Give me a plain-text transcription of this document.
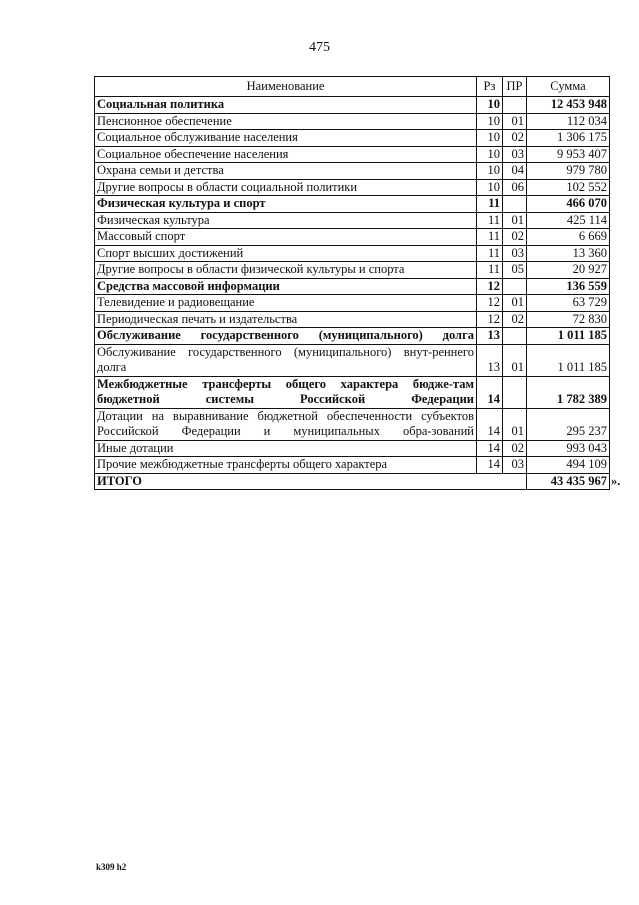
475
Наименование	Рз	ПР	Сумма
Социальная политика	10		12 453 948
Пенсионное обеспечение	10	01	112 034
Социальное обслуживание населения	10	02	1 306 175
Социальное обеспечение населения	10	03	9 953 407
Охрана семьи и детства	10	04	979 780
Другие вопросы в области социальной политики	10	06	102 552
Физическая культура и спорт	11		466 070
Физическая культура	11	01	425 114
Массовый спорт	11	02	6 669
Спорт высших достижений	11	03	13 360
Другие вопросы в области физической культуры и спорта	11	05	20 927
Средства массовой информации	12		136 559
Телевидение и радиовещание	12	01	63 729
Периодическая печать и издательства	12	02	72 830
Обслуживание государственного (муниципального) долга	13		1 011 185
Обслуживание государственного (муниципального) внут-реннего долга	13	01	1 011 185
Межбюджетные трансферты общего характера бюдже-там бюджетной системы Российской Федерации	14		1 782 389
Дотации на выравнивание бюджетной обеспеченности субъектов Российской Федерации и муниципальных обра-зований	14	01	295 237
Иные дотации	14	02	993 043
Прочие межбюджетные трансферты общего характера	14	03	494 109
ИТОГО			43 435 967 ».
k309 h2
